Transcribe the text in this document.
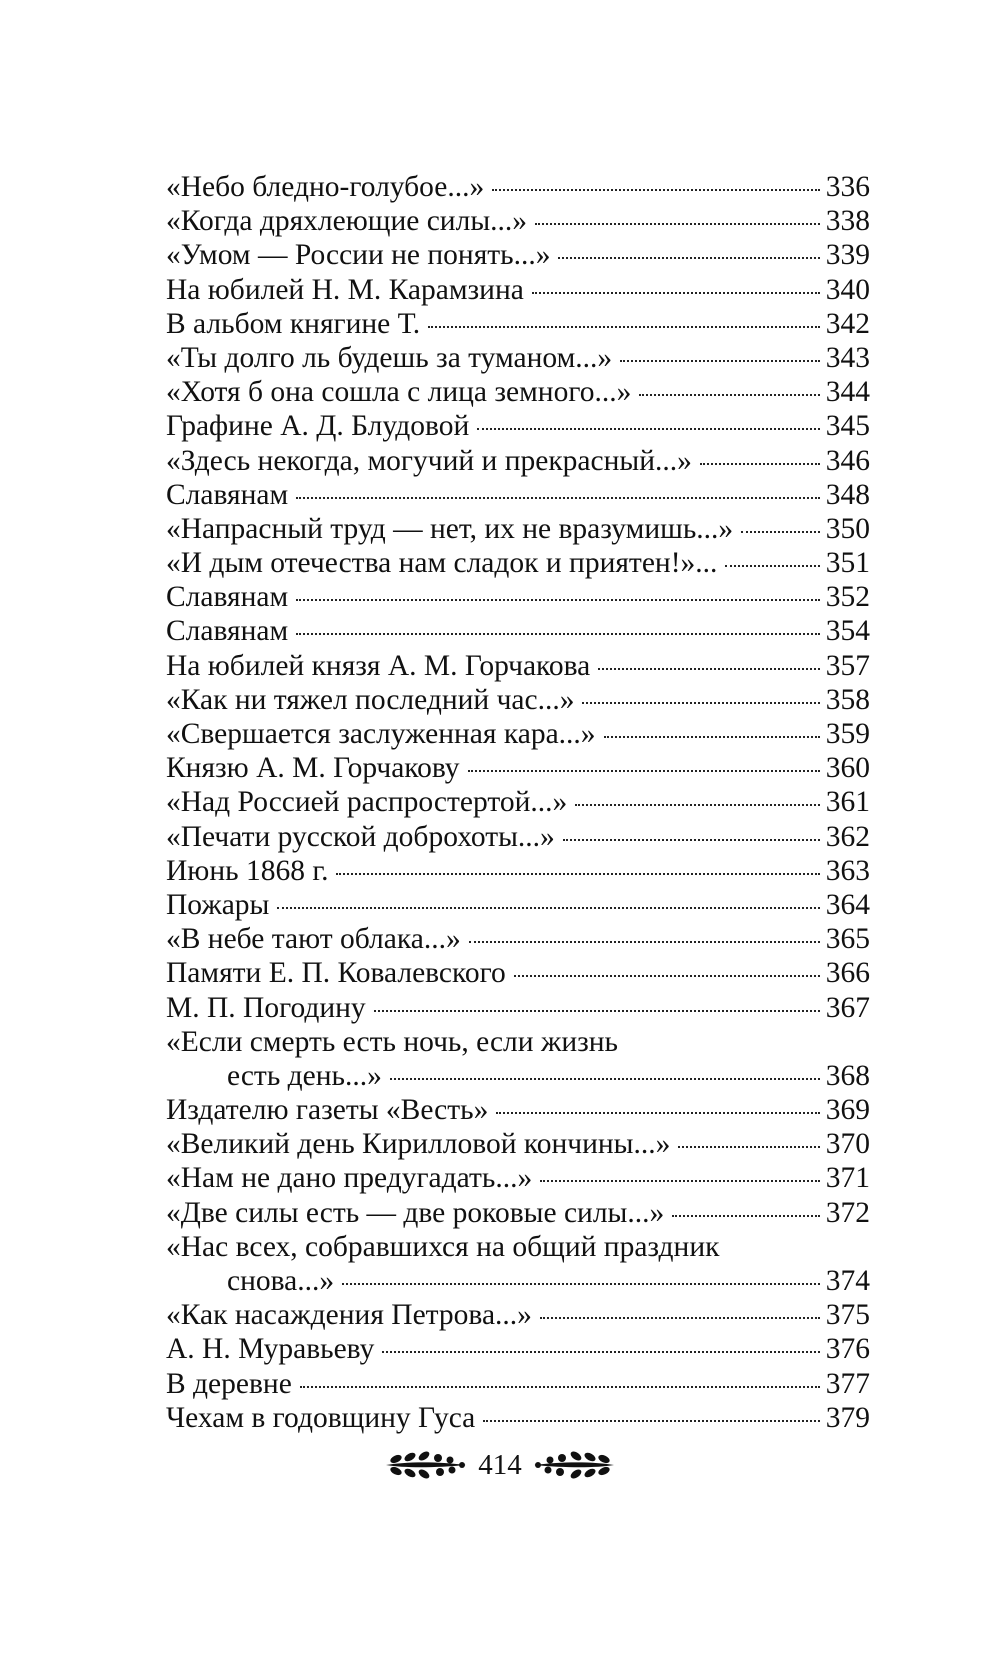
«Небо бледно-голубое...»	336
«Когда дряхлеющие силы...»	338
«Умом — России не понять...»	339
На юбилей Н. М. Карамзина	340
В альбом княгине Т.	342
«Ты долго ль будешь за туманом...»	343
«Хотя б она сошла с лица земного...»	344
Графине А. Д. Блудовой	345
«Здесь некогда, могучий и прекрасный...»	346
Славянам	348
«Напрасный труд — нет, их не вразумишь...»	350
«И дым отечества нам сладок и приятен!»...	351
Славянам	352
Славянам	354
На юбилей князя А. М. Горчакова	357
«Как ни тяжел последний час...»	358
«Свершается заслуженная кара...»	359
Князю А. М. Горчакову	360
«Над Россией распростертой...»	361
«Печати русской доброхоты...»	362
Июнь 1868 г.	363
Пожары	364
«В небе тают облака...»	365
Памяти Е. П. Ковалевского	366
М. П. Погодину	367
«Если смерть есть ночь, если жизнь
есть день...»	368
Издателю газеты «Весть»	369
«Великий день Кирилловой кончины...»	370
«Нам не дано предугадать...»	371
«Две силы есть — две роковые силы...»	372
«Нас всех, собравшихся на общий праздник
снова...»	374
«Как насаждения Петрова...»	375
А. Н. Муравьеву	376
В деревне	377
Чехам в годовщину Гуса	379
414
